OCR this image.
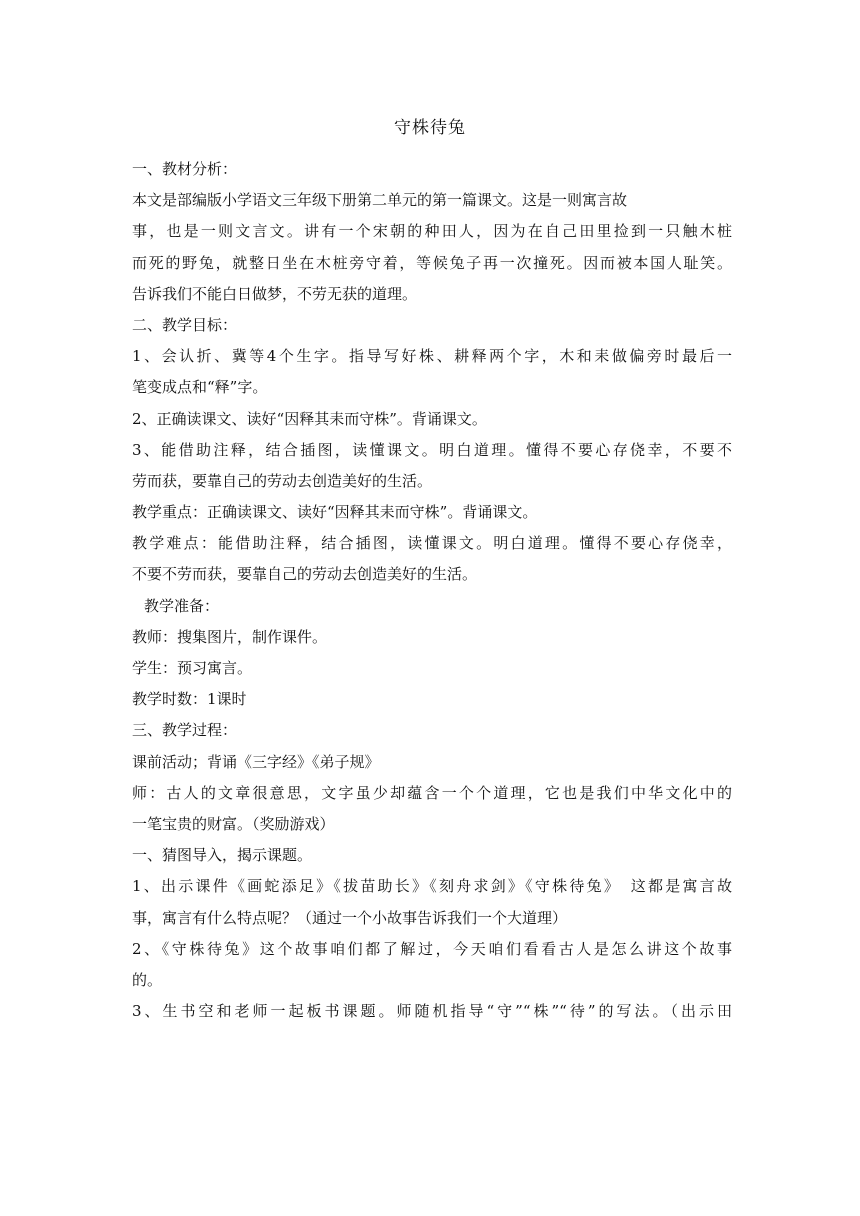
守株待兔
一、教材分析：
本文是部编版小学语文三年级下册第二单元的第一篇课文。这是一则寓言故
事，也是一则文言文。讲有一个宋朝的种田人，因为在自己田里捡到一只触木桩
而死的野兔，就整日坐在木桩旁守着，等候兔子再一次撞死。因而被本国人耻笑。
告诉我们不能白日做梦，不劳无获的道理。
二、教学目标：
1、会认折、冀等4个生字。指导写好株、耕释两个字，木和耒做偏旁时最后一
笔变成点和“释”字。
2、正确读课文、读好“因释其耒而守株”。背诵课文。
3、能借助注释，结合插图，读懂课文。明白道理。懂得不要心存侥幸，不要不
劳而获，要靠自己的劳动去创造美好的生活。
教学重点：正确读课文、读好“因释其耒而守株”。背诵课文。
教学难点：能借助注释，结合插图，读懂课文。明白道理。懂得不要心存侥幸，
不要不劳而获，要靠自己的劳动去创造美好的生活。
教学准备：
教师：搜集图片，制作课件。
学生：预习寓言。
教学时数：1课时
三、教学过程：
课前活动；背诵《三字经》《弟子规》
师：古人的文章很意思，文字虽少却蕴含一个个道理，它也是我们中华文化中的
一笔宝贵的财富。（奖励游戏）
一、猜图导入，揭示课题。
1、出示课件《画蛇添足》《拔苗助长》《刻舟求剑》《守株待兔》　这都是寓言故
事，寓言有什么特点呢？（通过一个小故事告诉我们一个大道理）
2、《守株待兔》这个故事咱们都了解过，今天咱们看看古人是怎么讲这个故事
的。
3、生书空和老师一起板书课题。师随机指导“守”“株”“待”的写法。（出示田
